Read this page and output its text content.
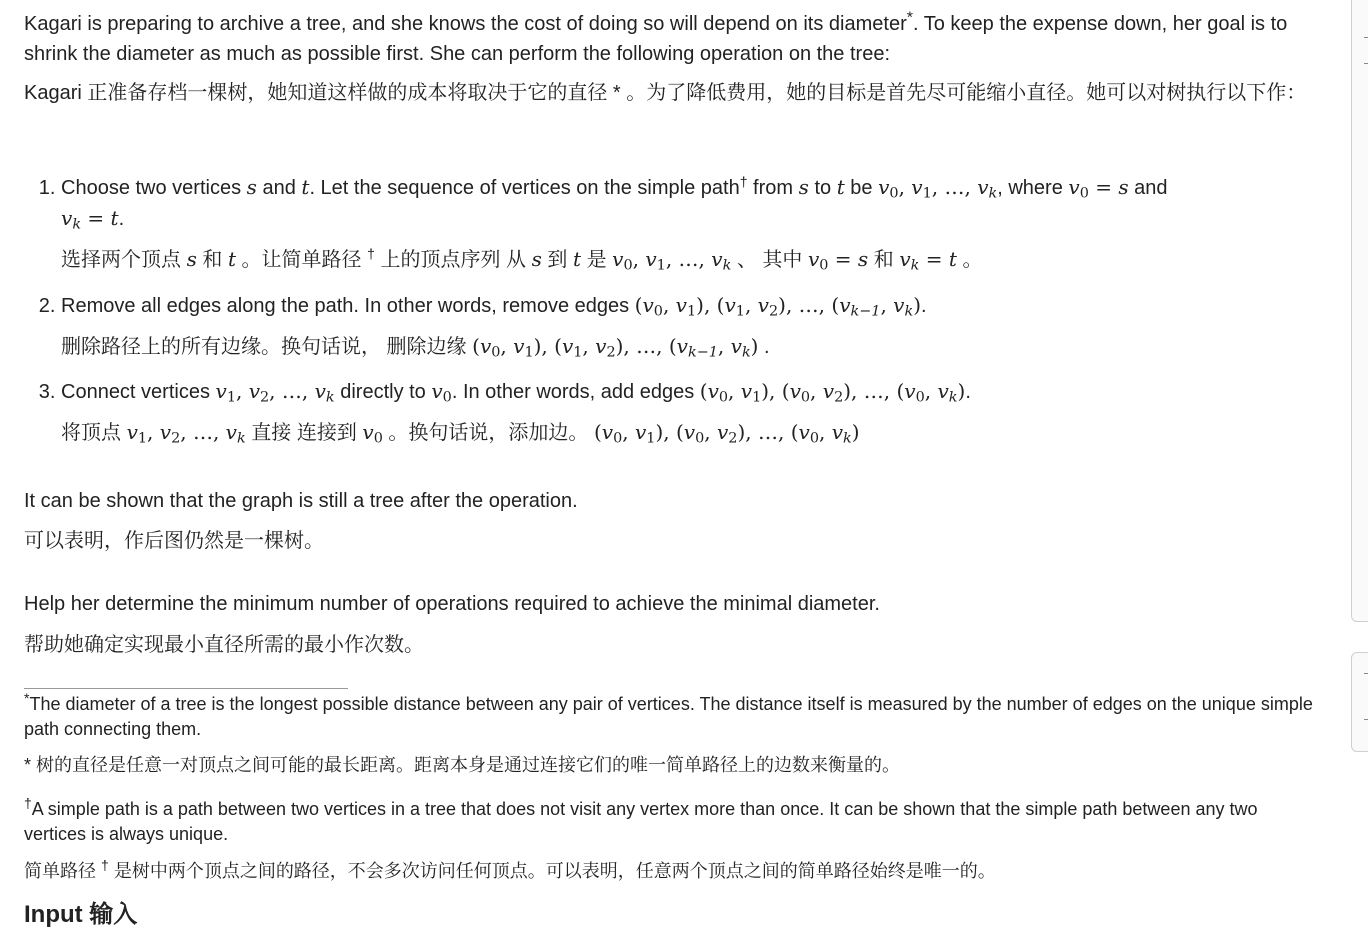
Kagari is preparing to archive a tree, and she knows the cost of doing so will depend on its diameter*. To keep the expense down, her goal is to shrink the diameter as much as possible first. She can perform the following operation on the tree:

Kagari 正准备存档一棵树，她知道这样做的成本将取决于它的直径 * 。为了降低费用，她的目标是首先尽可能缩小直径。她可以对树执行以下作：

1. Choose two vertices s and t. Let the sequence of vertices on the simple path† from s to t be $v_0$, $v_1$, …, $v_k$, where $v_0 = s$ and
$v_k = t$.
选择两个顶点 s 和 t 。让简单路径 † 上的顶点序列 从 s 到 t 是 $v_0$, $v_1$, …, $v_k$ 、 其中 $v_0 = s$ 和 $v_k = t$ 。
2. Remove all edges along the path. In other words, remove edges ($v_0$, $v_1$), ($v_1$, $v_2$), …, ($v_{k-1}$, $v_k$).
删除路径上的所有边缘。换句话说， 删除边缘 ($v_0$, $v_1$), ($v_1$, $v_2$), …, ($v_{k-1}$, $v_k$) .
3. Connect vertices $v_1$, $v_2$, …, $v_k$ directly to $v_0$. In other words, add edges ($v_0$, $v_1$), ($v_0$, $v_2$), …, ($v_0$, $v_k$).
将顶点 $v_1$, $v_2$, …, $v_k$ 直接 连接到 $v_0$ 。换句话说，添加边。 ($v_0$, $v_1$), ($v_0$, $v_2$), …, ($v_0$, $v_k$)

It can be shown that the graph is still a tree after the operation.

可以表明，作后图仍然是一棵树。

Help her determine the minimum number of operations required to achieve the minimal diameter.

帮助她确定实现最小直径所需的最小作次数。

*The diameter of a tree is the longest possible distance between any pair of vertices. The distance itself is measured by the number of edges on the unique simple path connecting them.

* 树的直径是任意一对顶点之间可能的最长距离。距离本身是通过连接它们的唯一简单路径上的边数来衡量的。

†A simple path is a path between two vertices in a tree that does not visit any vertex more than once. It can be shown that the simple path between any two vertices is always unique.

简单路径 † 是树中两个顶点之间的路径，不会多次访问任何顶点。可以表明，任意两个顶点之间的简单路径始终是唯一的。

Input 输入
